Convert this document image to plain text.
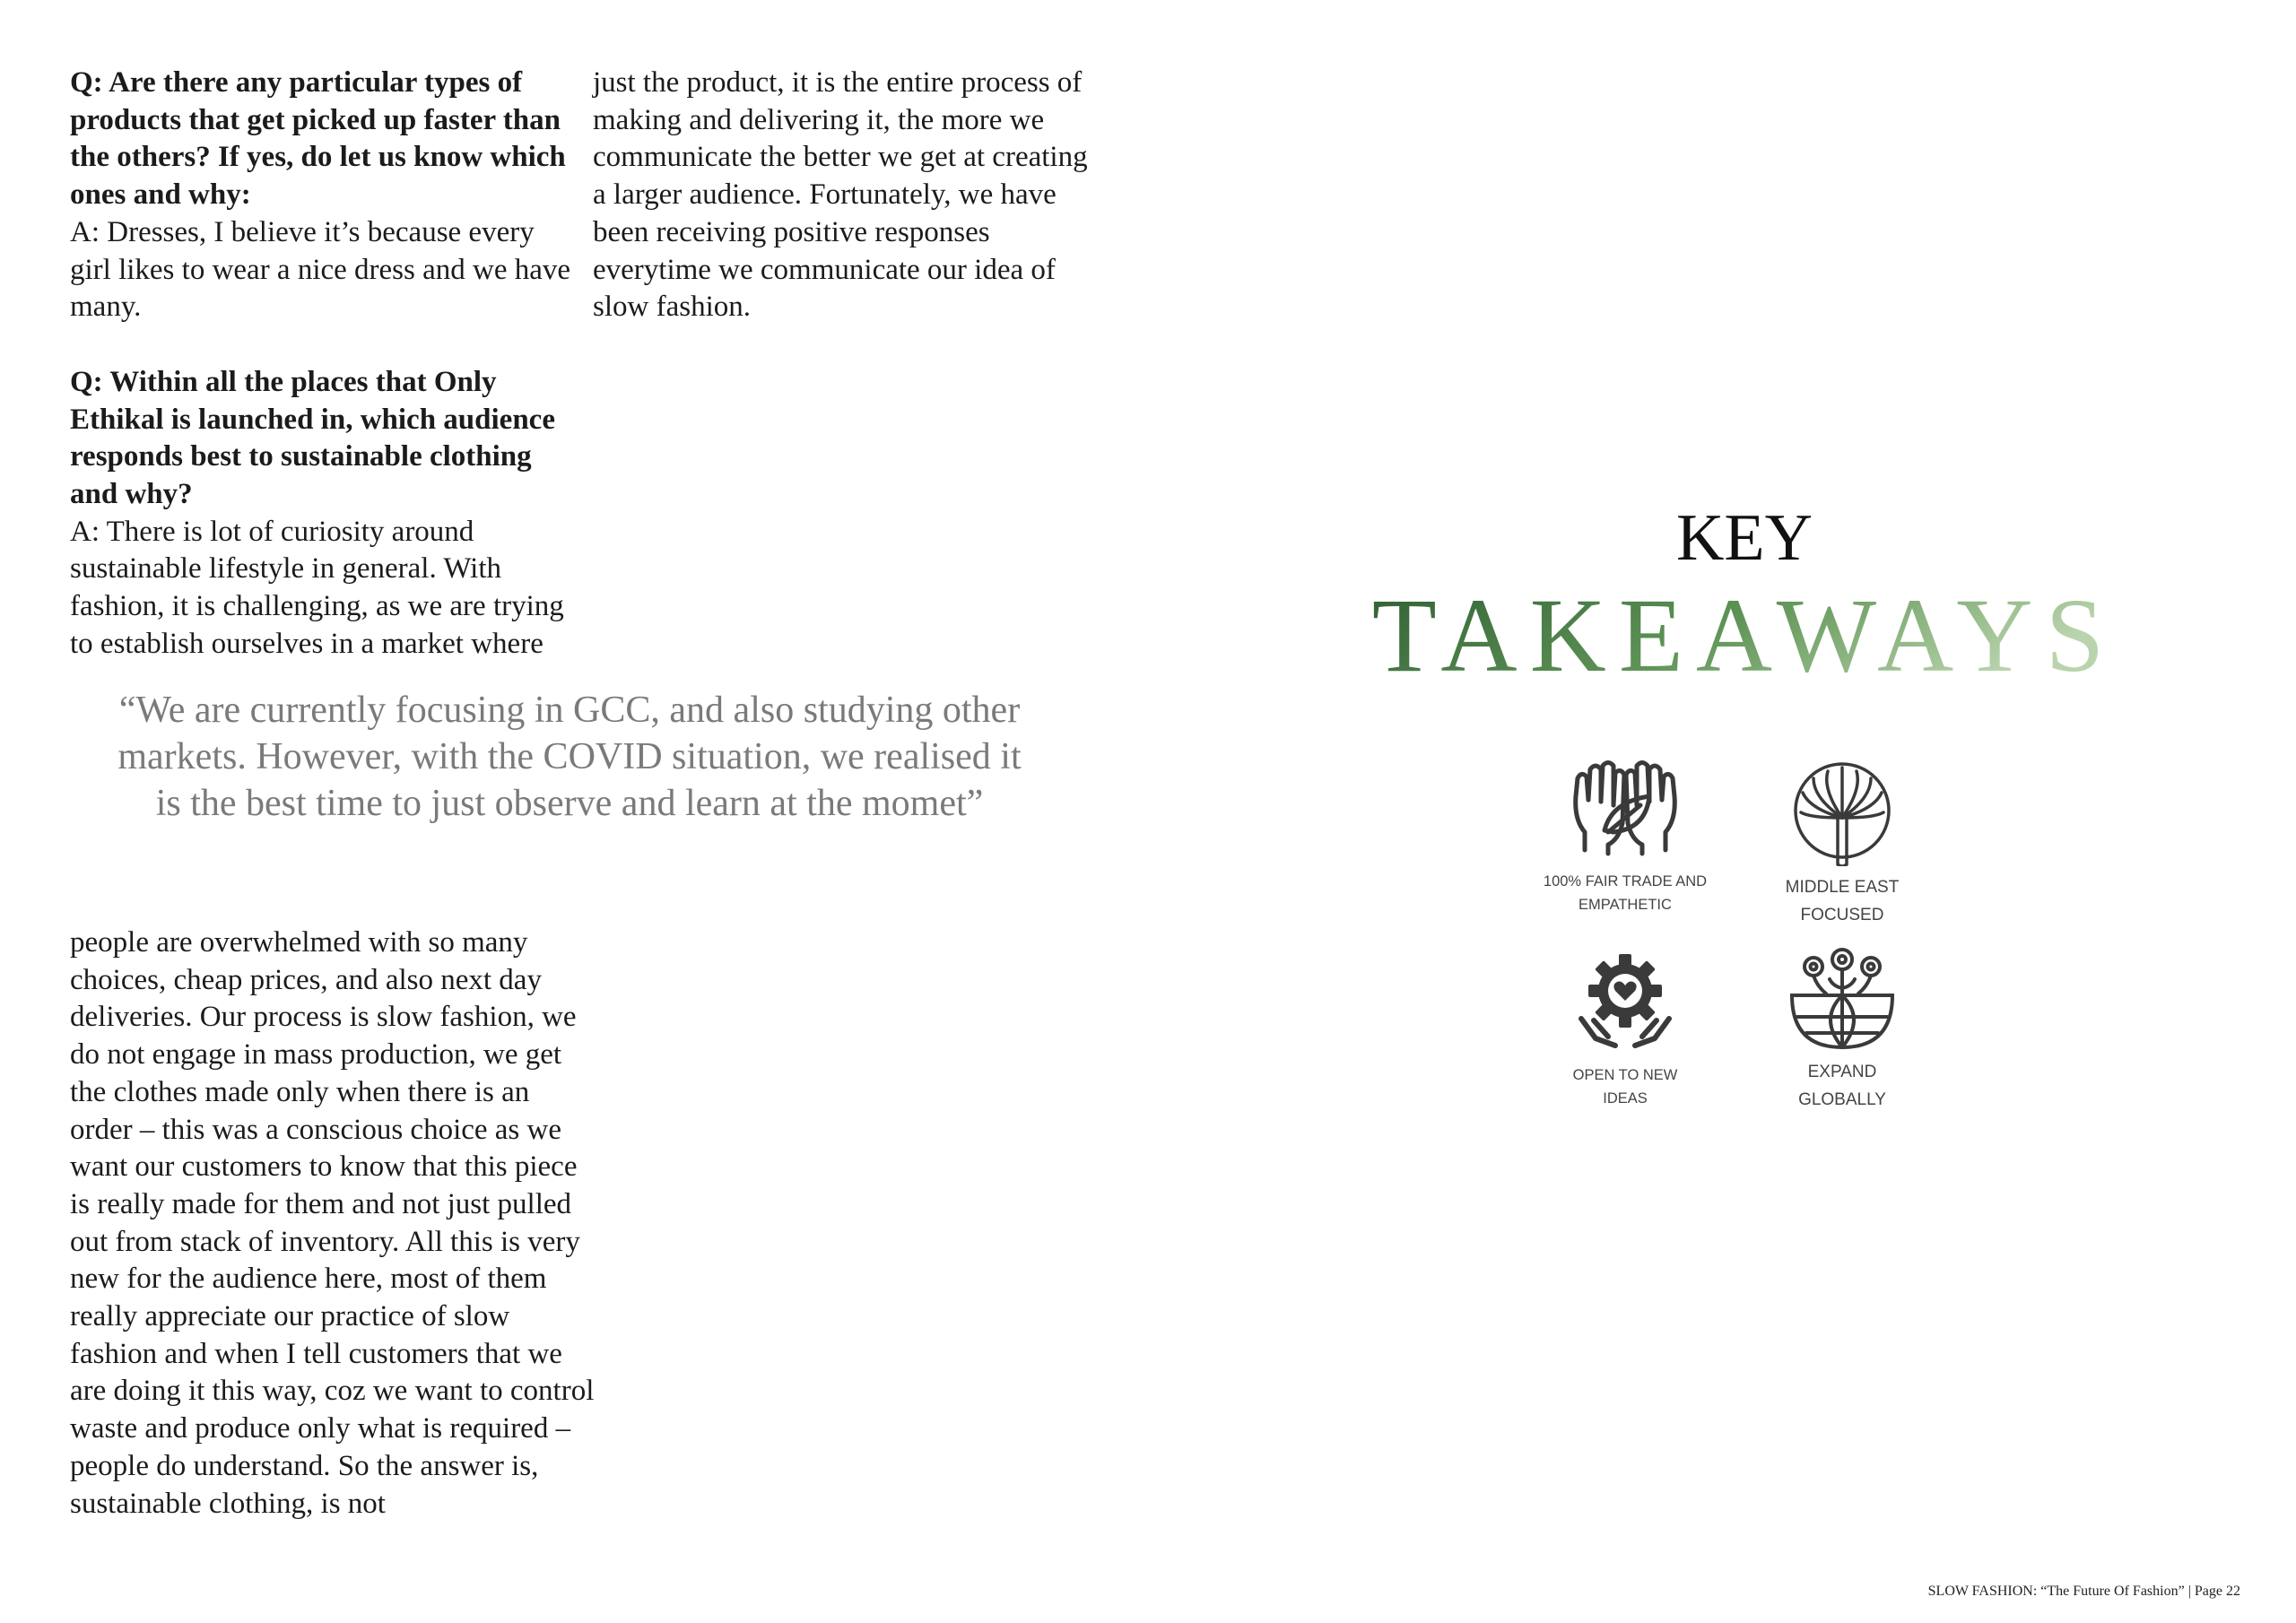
Q: Are there any particular types of products that get picked up faster than the others? If yes, do let us know which ones and why:

A: Dresses, I believe it’s because every girl likes to wear a nice dress and we have many.

Q: Within all the places that Only Ethikal is launched in, which audience responds best to sustainable clothing and why?

A: There is lot of curiosity around sustainable lifestyle in general. With fashion, it is challenging, as we are trying to establish ourselves in a market where

just the product, it is the entire process of making and delivering it, the more we communicate the better we get at creating a larger audience. Fortunately, we have been receiving positive responses everytime we communicate our idea of slow fashion.

“We are currently focusing in GCC, and also studying other markets. However, with the COVID situation, we realised it is the best time to just observe and learn at the momet”

people are overwhelmed with so many choices, cheap prices, and also next day deliveries. Our process is slow fashion, we do not engage in mass production, we get the clothes made only when there is an order – this was a conscious choice as we want our customers to know that this piece is really made for them and not just pulled out from stack of inventory. All this is very new for the audience here, most of them really appreciate our practice of slow fashion and when I tell customers that we are doing it this way, coz we want to control waste and produce only what is required – people do understand. So the answer is, sustainable clothing, is not

KEY
TAKEAWAYS
100% FAIR TRADE AND
EMPATHETIC
MIDDLE EAST
FOCUSED
OPEN TO NEW
IDEAS
EXPAND
GLOBALLY
SLOW FASHION: “The Future Of Fashion” | Page 22
